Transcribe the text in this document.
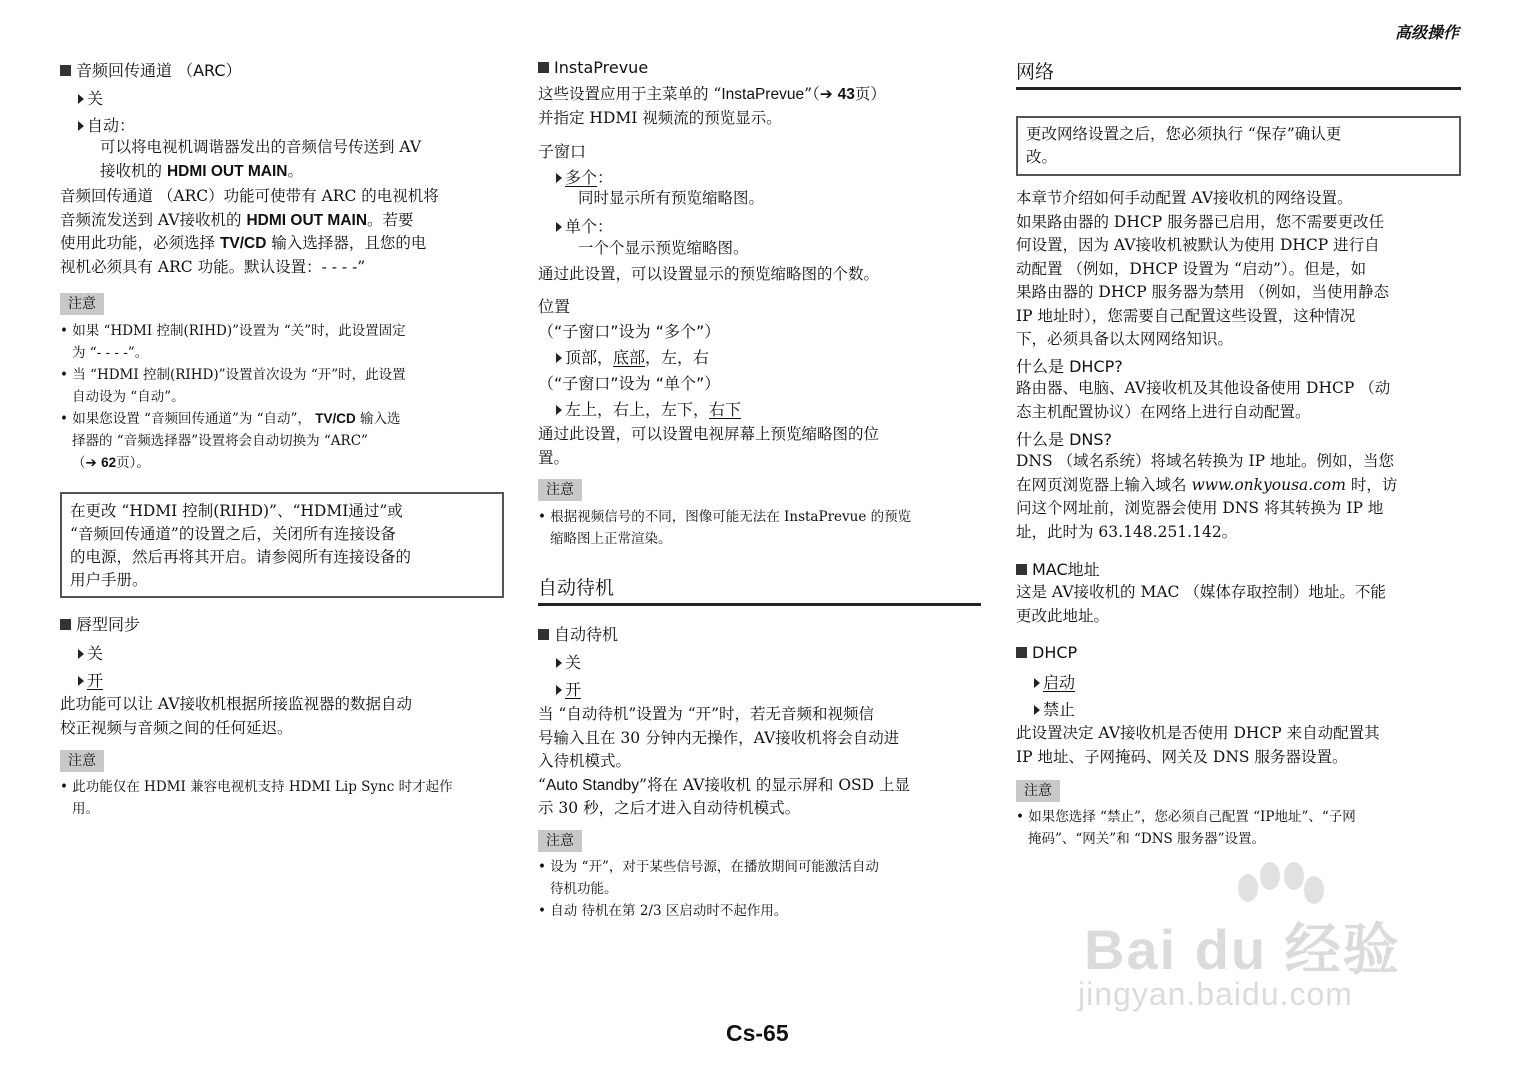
高级操作
音频回传通道 （ARC）
关
自动：
可以将电视机调谐器发出的音频信号传送到 AV
接收机的 HDMI OUT MAIN。
音频回传通道 （ARC）功能可使带有 ARC 的电视机将
音频流发送到 AV接收机的 HDMI OUT MAIN。若要
使用此功能，必须选择 TV/CD 输入选择器，且您的电
视机必须具有 ARC 功能。默认设置：- - - -”
注意
• 如果 “HDMI 控制(RIHD)”设置为 “关”时，此设置固定
为 “- - - -”。
• 当 “HDMI 控制(RIHD)”设置首次设为 “开”时，此设置
自动设为 “自动”。
• 如果您设置 “音频回传通道”为 “自动”， TV/CD 输入选
择器的 “音频选择器”设置将会自动切换为 “ARC”
（➔ 62页）。
在更改 “HDMI 控制(RIHD)”、“HDMI通过”或
“音频回传通道”的设置之后，关闭所有连接设备
的电源，然后再将其开启。请参阅所有连接设备的
用户手册。
唇型同步
关
开
此功能可以让 AV接收机根据所接监视器的数据自动
校正视频与音频之间的任何延迟。
注意
• 此功能仅在 HDMI 兼容电视机支持 HDMI Lip Sync 时才起作
用。
InstaPrevue
这些设置应用于主菜单的 “InstaPrevue”（➔ 43页）
并指定 HDMI 视频流的预览显示。
子窗口
多个：
同时显示所有预览缩略图。
单个：
一个个显示预览缩略图。
通过此设置，可以设置显示的预览缩略图的个数。
位置
（“子窗口”设为 “多个”）
顶部，底部，左，右
（“子窗口”设为 “单个”）
左上，右上，左下，右下
通过此设置，可以设置电视屏幕上预览缩略图的位
置。
注意
• 根据视频信号的不同，图像可能无法在 InstaPrevue 的预览
缩略图上正常渲染。
自动待机
自动待机
关
开
当 “自动待机”设置为 “开”时，若无音频和视频信
号输入且在 30 分钟内无操作，AV接收机将会自动进
入待机模式。
“Auto Standby”将在 AV接收机 的显示屏和 OSD 上显
示 30 秒，之后才进入自动待机模式。
注意
• 设为 “开”，对于某些信号源，在播放期间可能激活自动
待机功能。
• 自动 待机在第 2/3 区启动时不起作用。
网络
更改网络设置之后，您必须执行 “保存”确认更
改。
本章节介绍如何手动配置 AV接收机的网络设置。
如果路由器的 DHCP 服务器已启用，您不需要更改任
何设置，因为 AV接收机被默认为使用 DHCP 进行自
动配置 （例如，DHCP 设置为 “启动”）。但是，如
果路由器的 DHCP 服务器为禁用 （例如，当使用静态
IP 地址时），您需要自己配置这些设置，这种情况
下，必须具备以太网网络知识。
什么是 DHCP?
路由器、电脑、AV接收机及其他设备使用 DHCP （动
态主机配置协议）在网络上进行自动配置。
什么是 DNS?
DNS （域名系统）将域名转换为 IP 地址。例如，当您
在网页浏览器上输入域名 www.onkyousa.com 时，访
问这个网址前，浏览器会使用 DNS 将其转换为 IP 地
址，此时为 63.148.251.142。
MAC地址
这是 AV接收机的 MAC （媒体存取控制）地址。不能
更改此地址。
DHCP
启动
禁止
此设置决定 AV接收机是否使用 DHCP 来自动配置其
IP 地址、子网掩码、网关及 DNS 服务器设置。
注意
• 如果您选择 “禁止”，您必须自己配置 “IP地址”、“子网
掩码”、“网关”和 “DNS 服务器”设置。
Cs-65
Bai du 经验
jingyan.baidu.com
